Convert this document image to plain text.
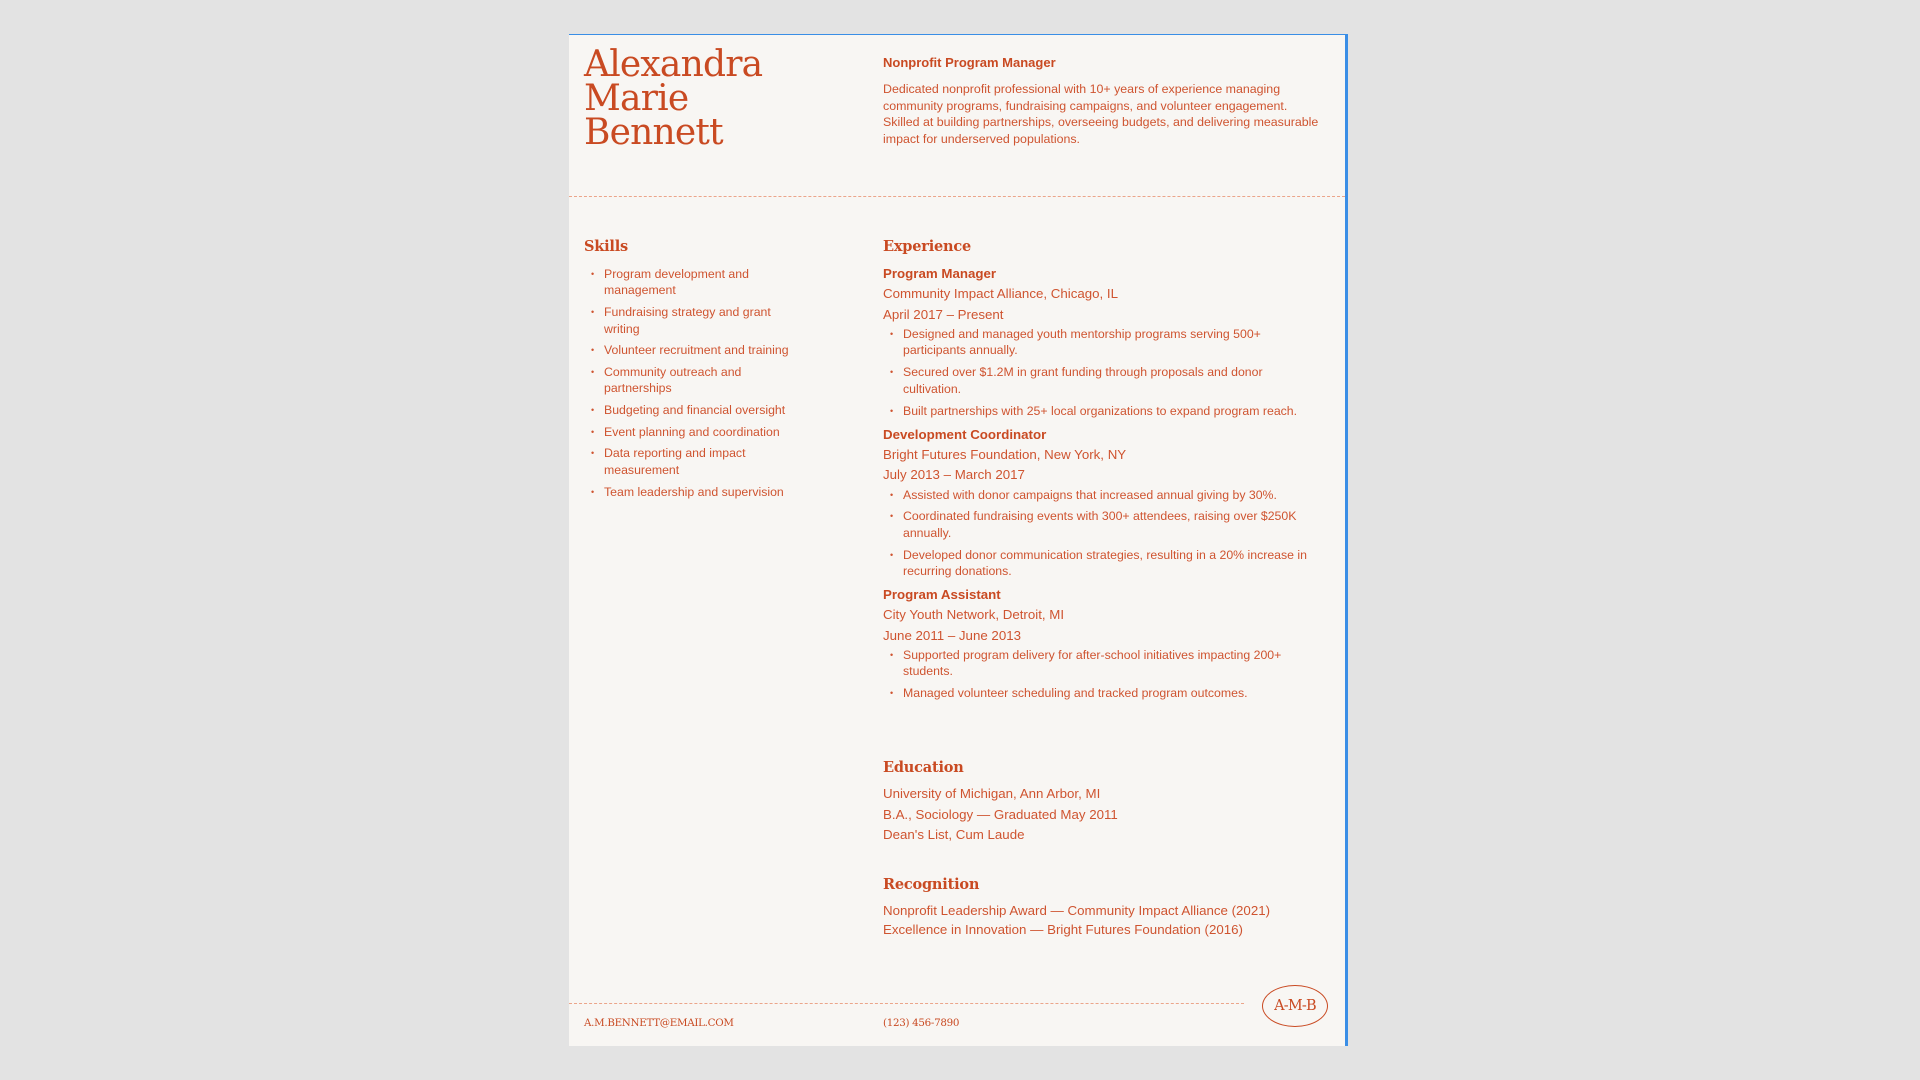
Alexandra
Marie
Bennett
Nonprofit Program Manager
Dedicated nonprofit professional with 10+ years of experience managing community programs, fundraising campaigns, and volunteer engagement. Skilled at building partnerships, overseeing budgets, and delivering measurable impact for underserved populations.
Skills
• Program development and management
• Fundraising strategy and grant writing
• Volunteer recruitment and training
• Community outreach and partnerships
• Budgeting and financial oversight
• Event planning and coordination
• Data reporting and impact measurement
• Team leadership and supervision
Experience
Program Manager
Community Impact Alliance, Chicago, IL
April 2017 – Present
• Designed and managed youth mentorship programs serving 500+ participants annually.
• Secured over $1.2M in grant funding through proposals and donor cultivation.
• Built partnerships with 25+ local organizations to expand program reach.
Development Coordinator
Bright Futures Foundation, New York, NY
July 2013 – March 2017
• Assisted with donor campaigns that increased annual giving by 30%.
• Coordinated fundraising events with 300+ attendees, raising over $250K annually.
• Developed donor communication strategies, resulting in a 20% increase in recurring donations.
Program Assistant
City Youth Network, Detroit, MI
June 2011 – June 2013
• Supported program delivery for after-school initiatives impacting 200+ students.
• Managed volunteer scheduling and tracked program outcomes.
Education
University of Michigan, Ann Arbor, MI
B.A., Sociology — Graduated May 2011
Dean's List, Cum Laude
Recognition
Nonprofit Leadership Award — Community Impact Alliance (2021)
Excellence in Innovation — Bright Futures Foundation (2016)
A.M.BENNETT@EMAIL.COM	(123) 456-7890
A-M-B
